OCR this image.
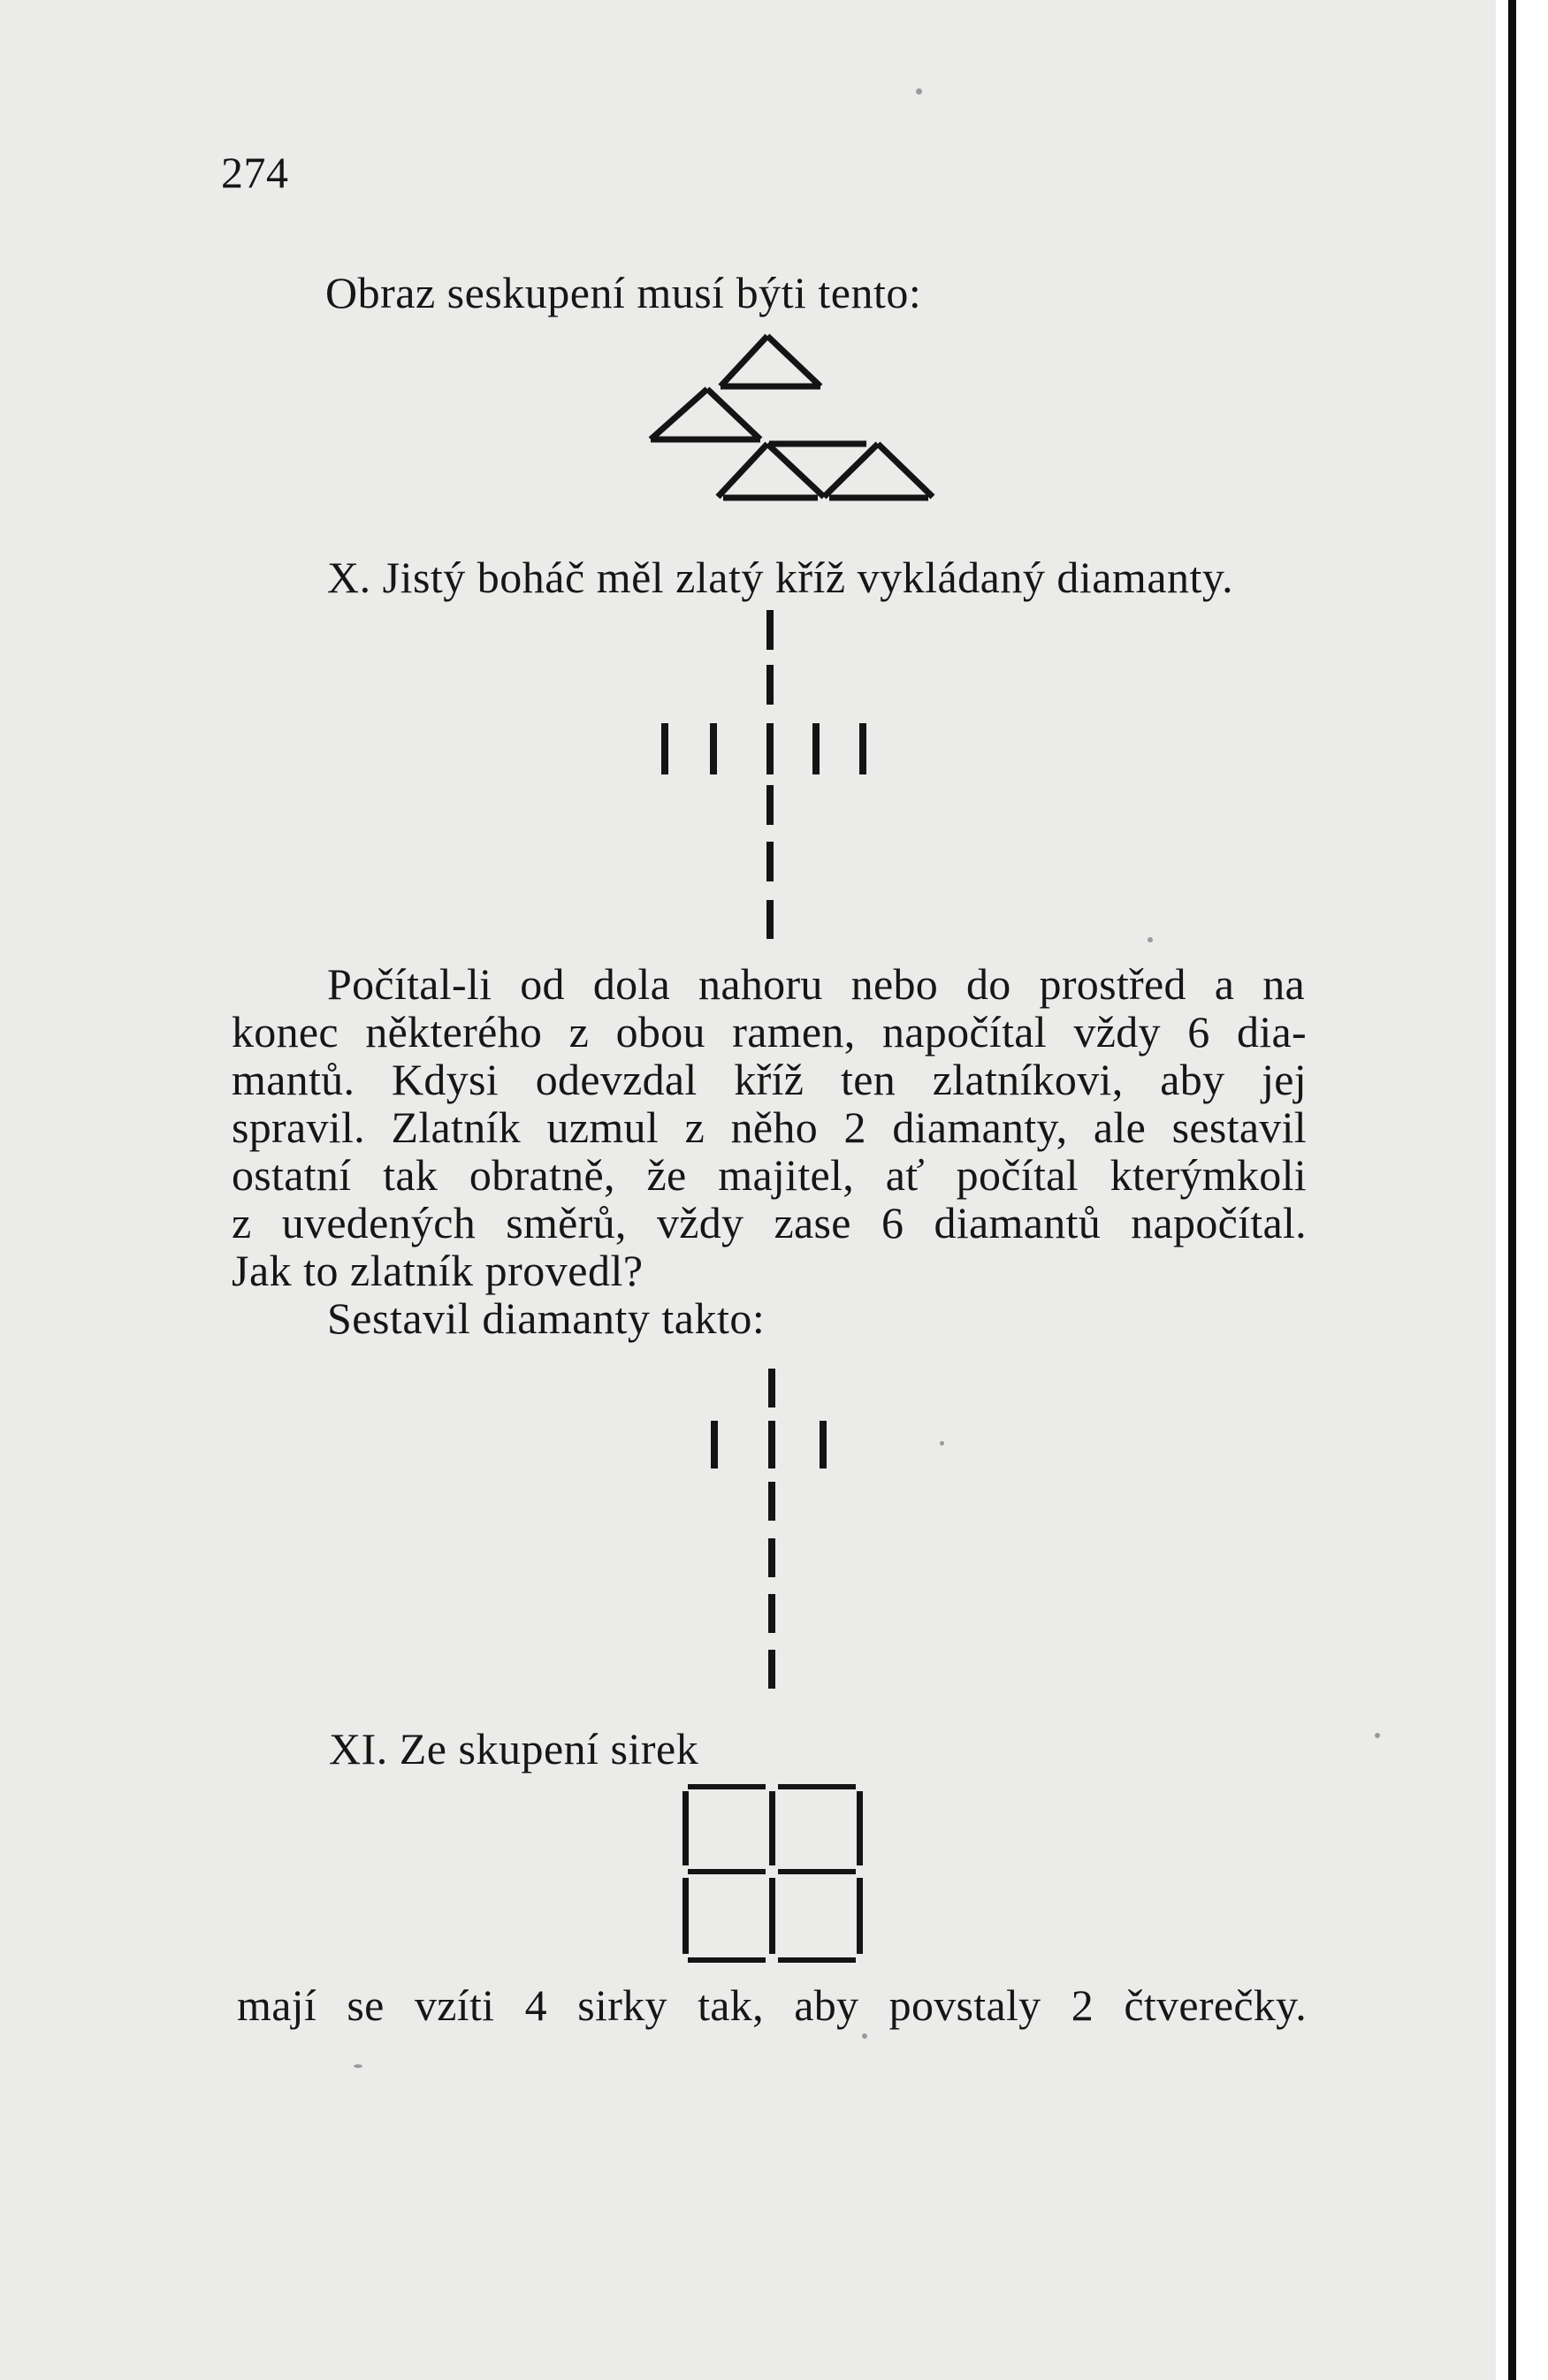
274
Obraz seskupení musí býti tento:
X. Jistý boháč měl zlatý kříž vykládaný diamanty.
Počítal-li od dola nahoru nebo do prostřed a na
konec některého z obou ramen, napočítal vždy 6 dia-
mantů. Kdysi odevzdal kříž ten zlatníkovi, aby jej
spravil. Zlatník uzmul z něho 2 diamanty, ale sestavil
ostatní tak obratně, že majitel, ať počítal kterýmkoli
z uvedených směrů, vždy zase 6 diamantů napočítal.
Jak to zlatník provedl?
Sestavil diamanty takto:
XI. Ze skupení sirek
mají se vzíti 4 sirky tak, aby povstaly 2 čtverečky.
